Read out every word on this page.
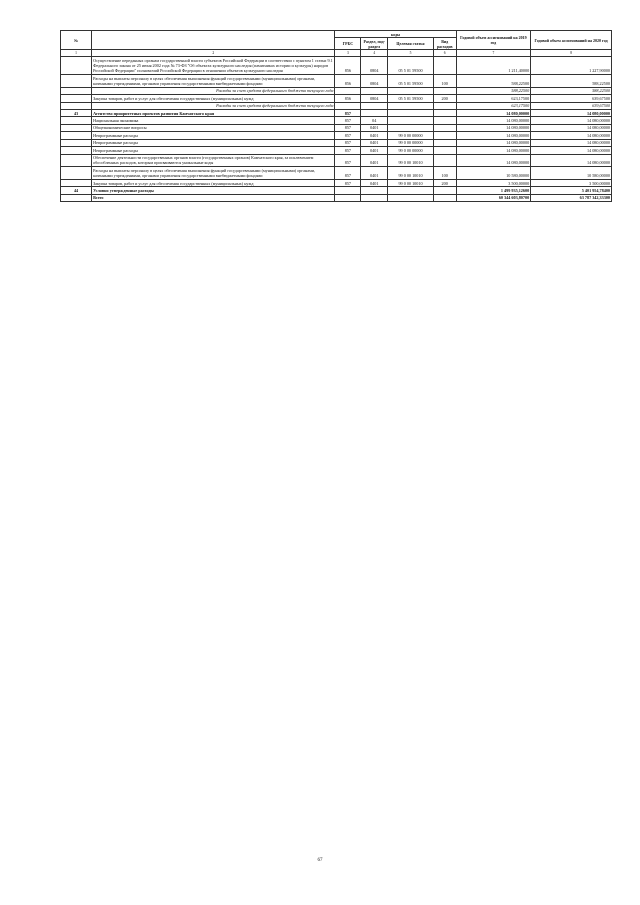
№		коды				Годовой объем ассигнований на 2019 год	Годовой объем ассигнований на 2020 год
		ГРБС	Раздел, под-раздел	Целевая статья	Вид расходов		
1	2	3	4	5	6	7	8
	Осуществление переданных органам государственной власти субъектов Российской Федерации в соответствии с пунктом 1 статьи 9.1 Федерального закона от 25 июня 2002 года № 73-ФЗ "Об объектах культурного наследия (памятниках истории и культуры) народов Российской Федерации" полномочий Российской Федерации в отношении объектов культурного наследия	856	0804	05 5 01 59500		1 211,40000	1 227,90000
	Расходы на выплаты персоналу в целях обеспечения выполнения функций государственными (муниципальными) органами, казенными учреждениями, органами управления государственными внебюджетными фондами	856	0804	05 5 01 59500	100	588,22500	588,22500
	Расходы за счет средств федерального бюджета текущего года					588,22500	588,22500
	Закупка товаров, работ и услуг для обеспечения государственных (муниципальных) нужд	856	0804	05 5 01 59500	200	623,17500	639,67500
	Расходы за счет средств федерального бюджета текущего года					623,17500	639,67500
43	Агентство приоритетных проектов развития Камчатского края	857				14 080,00000	14 080,00000
	Национальная экономика	857	04			14 080,00000	14 080,00000
	Общеэкономические вопросы	857	0401			14 080,00000	14 080,00000
	Непрограммные расходы	857	0401	99 0 00 00000		14 080,00000	14 080,00000
	Непрограммные расходы	857	0401	99 0 00 00000		14 080,00000	14 080,00000
	Непрограммные расходы	857	0401	99 0 00 00000		14 080,00000	14 080,00000
	Обеспечение деятельности государственных органов власти (государственных органов) Камчатского края, за исключением обособленных расходов, которым присваиваются уникальные коды	857	0401	99 0 00 10010		14 080,00000	14 080,00000
	Расходы на выплаты персоналу в целях обеспечения выполнения функций государственными (муниципальными) органами, казенными учреждениями, органами управления государственными внебюджетными фондами	857	0401	99 0 00 10010	100	10 580,00000	10 580,00000
	Закупка товаров, работ и услуг для обеспечения государственных (муниципальных) нужд	857	0401	99 0 00 10010	200	3 500,00000	3 500,00000
44	Условно утвержденные расходы					1 499 935,12600	5 401 954,78400
	Всего					60 344 603,80700	63 787 342,33300
67
